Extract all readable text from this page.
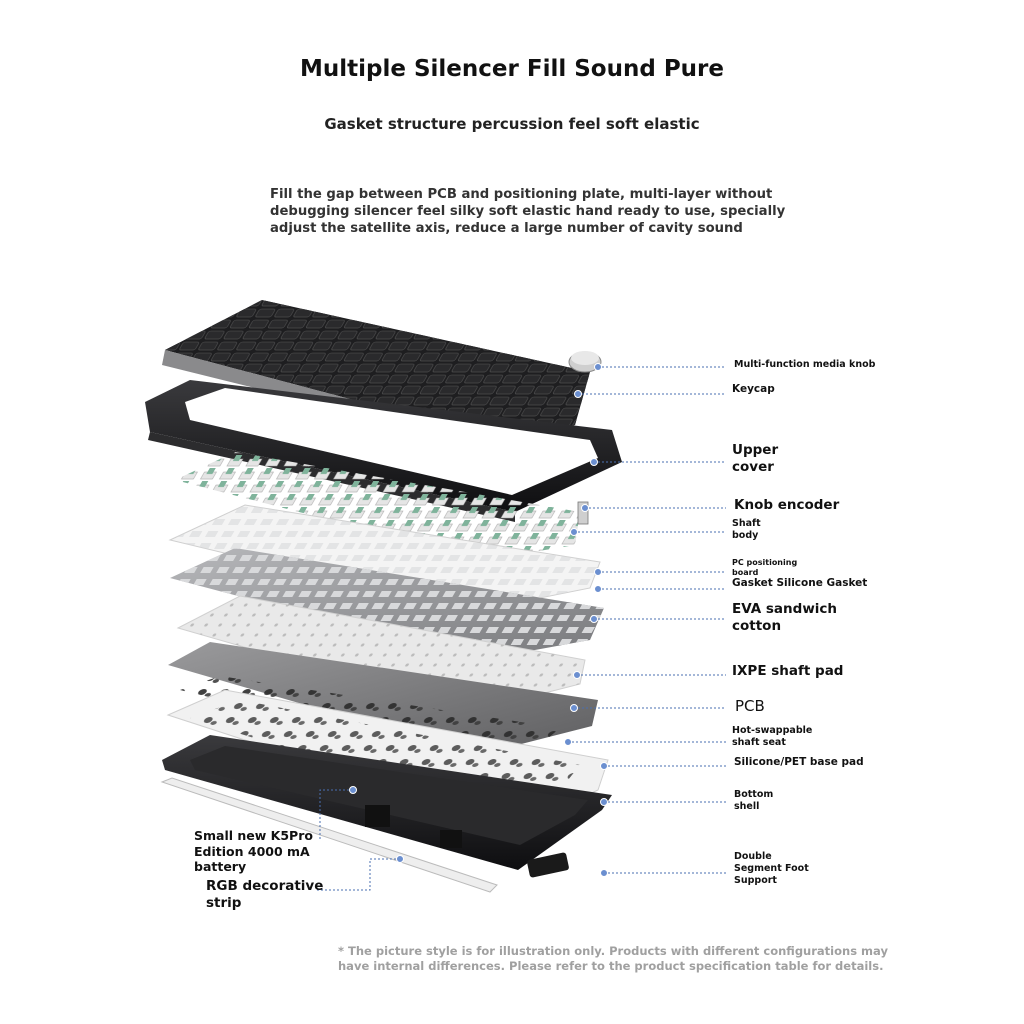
Multiple Silencer Fill Sound Pure
Gasket structure percussion feel soft elastic
Fill the gap between PCB and positioning plate, multi-layer without
debugging silencer feel silky soft elastic hand ready to use, specially
adjust the satellite axis, reduce a large number of cavity sound
Multi-function media knob
Keycap
Upper
cover
Knob encoder
Shaft
body
PC positioning
board
Gasket Silicone Gasket
EVA sandwich
cotton
IXPE shaft pad
PCB
Hot-swappable
shaft seat
Silicone/PET base pad
Bottom
shell
Double
Segment Foot
Support
Small new K5Pro
Edition 4000 mA
battery
RGB decorative
strip
* The picture style is for illustration only. Products with different configurations may
have internal differences. Please refer to the product specification table for details.
